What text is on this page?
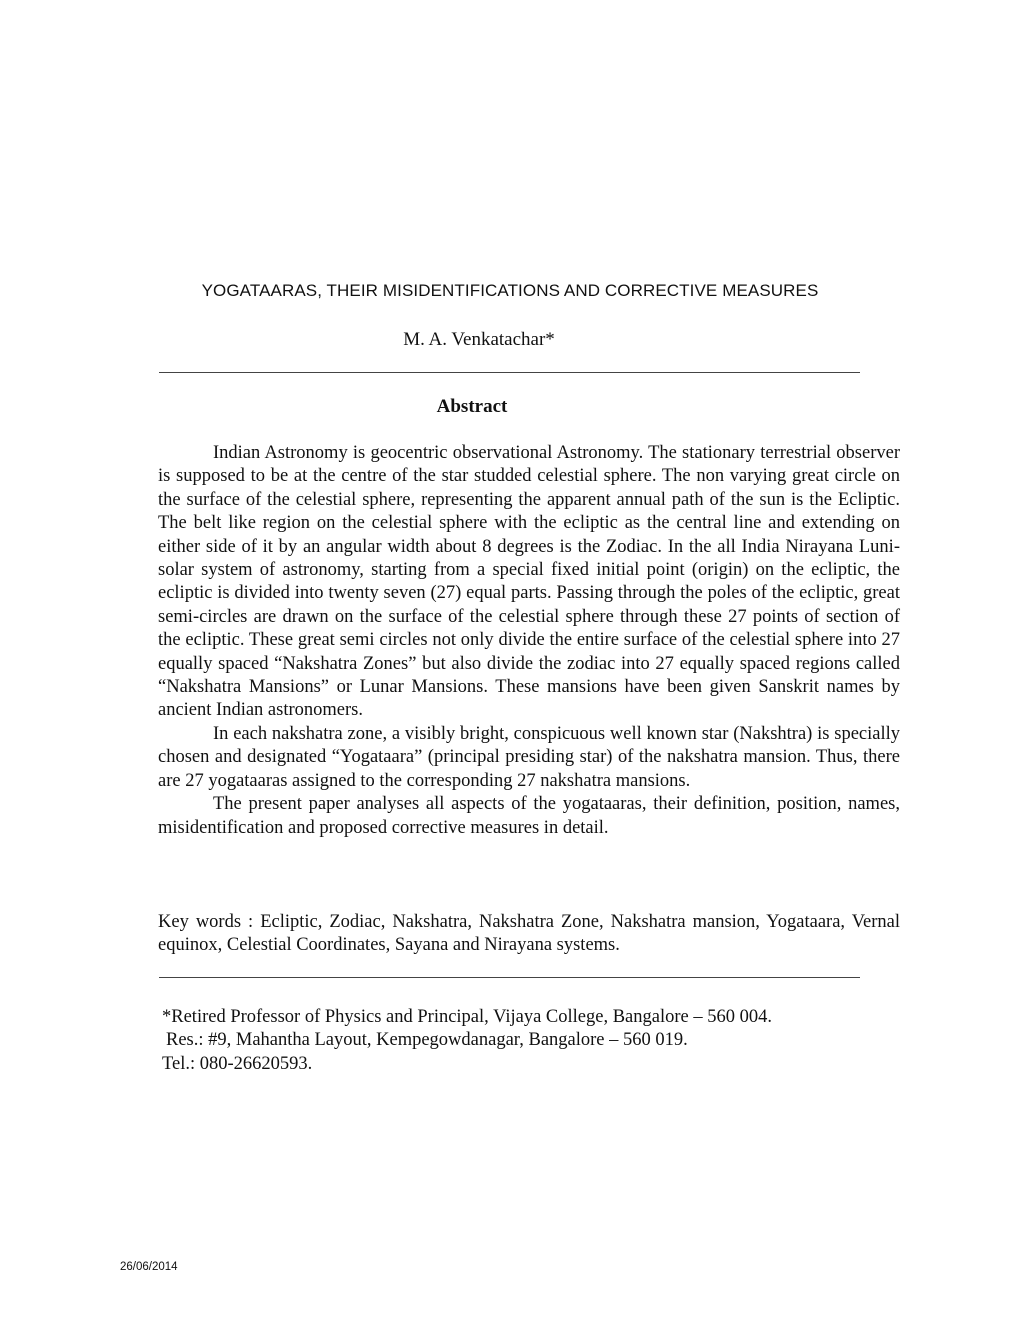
YOGATAARAS, THEIR MISIDENTIFICATIONS AND CORRECTIVE MEASURES
M. A. Venkatachar*
Abstract

Indian Astronomy is geocentric observational Astronomy. The stationary terrestrial observer is supposed to be at the centre of the star studded celestial sphere. The non varying great circle on the surface of the celestial sphere, representing the apparent annual path of the sun is the Ecliptic. The belt like region on the celestial sphere with the ecliptic as the central line and extending on either side of it by an angular width about 8 degrees is the Zodiac. In the all India Nirayana Luni-solar system of astronomy, starting from a special fixed initial point (origin) on the ecliptic, the ecliptic is divided into twenty seven (27) equal parts. Passing through the poles of the ecliptic, great semi-circles are drawn on the surface of the celestial sphere through these 27 points of section of the ecliptic. These great semi circles not only divide the entire surface of the celestial sphere into 27 equally spaced “Nakshatra Zones” but also divide the zodiac into 27 equally spaced regions called “Nakshatra Mansions” or Lunar Mansions. These mansions have been given Sanskrit names by ancient Indian astronomers.

In each nakshatra zone, a visibly bright, conspicuous well known star (Nakshtra) is specially chosen and designated “Yogataara” (principal presiding star) of the nakshatra mansion. Thus, there are 27 yogataaras assigned to the corresponding 27 nakshatra mansions.

The present paper analyses all aspects of the yogataaras, their definition, position, names, misidentification and proposed corrective measures in detail.

Key words : Ecliptic, Zodiac, Nakshatra, Nakshatra Zone, Nakshatra mansion, Yogataara, Vernal equinox, Celestial Coordinates, Sayana and Nirayana systems.

*Retired Professor of Physics and Principal, Vijaya College, Bangalore – 560 004.
Res.: #9, Mahantha Layout, Kempegowdanagar, Bangalore – 560 019.
Tel.: 080-26620593.
26/06/2014
